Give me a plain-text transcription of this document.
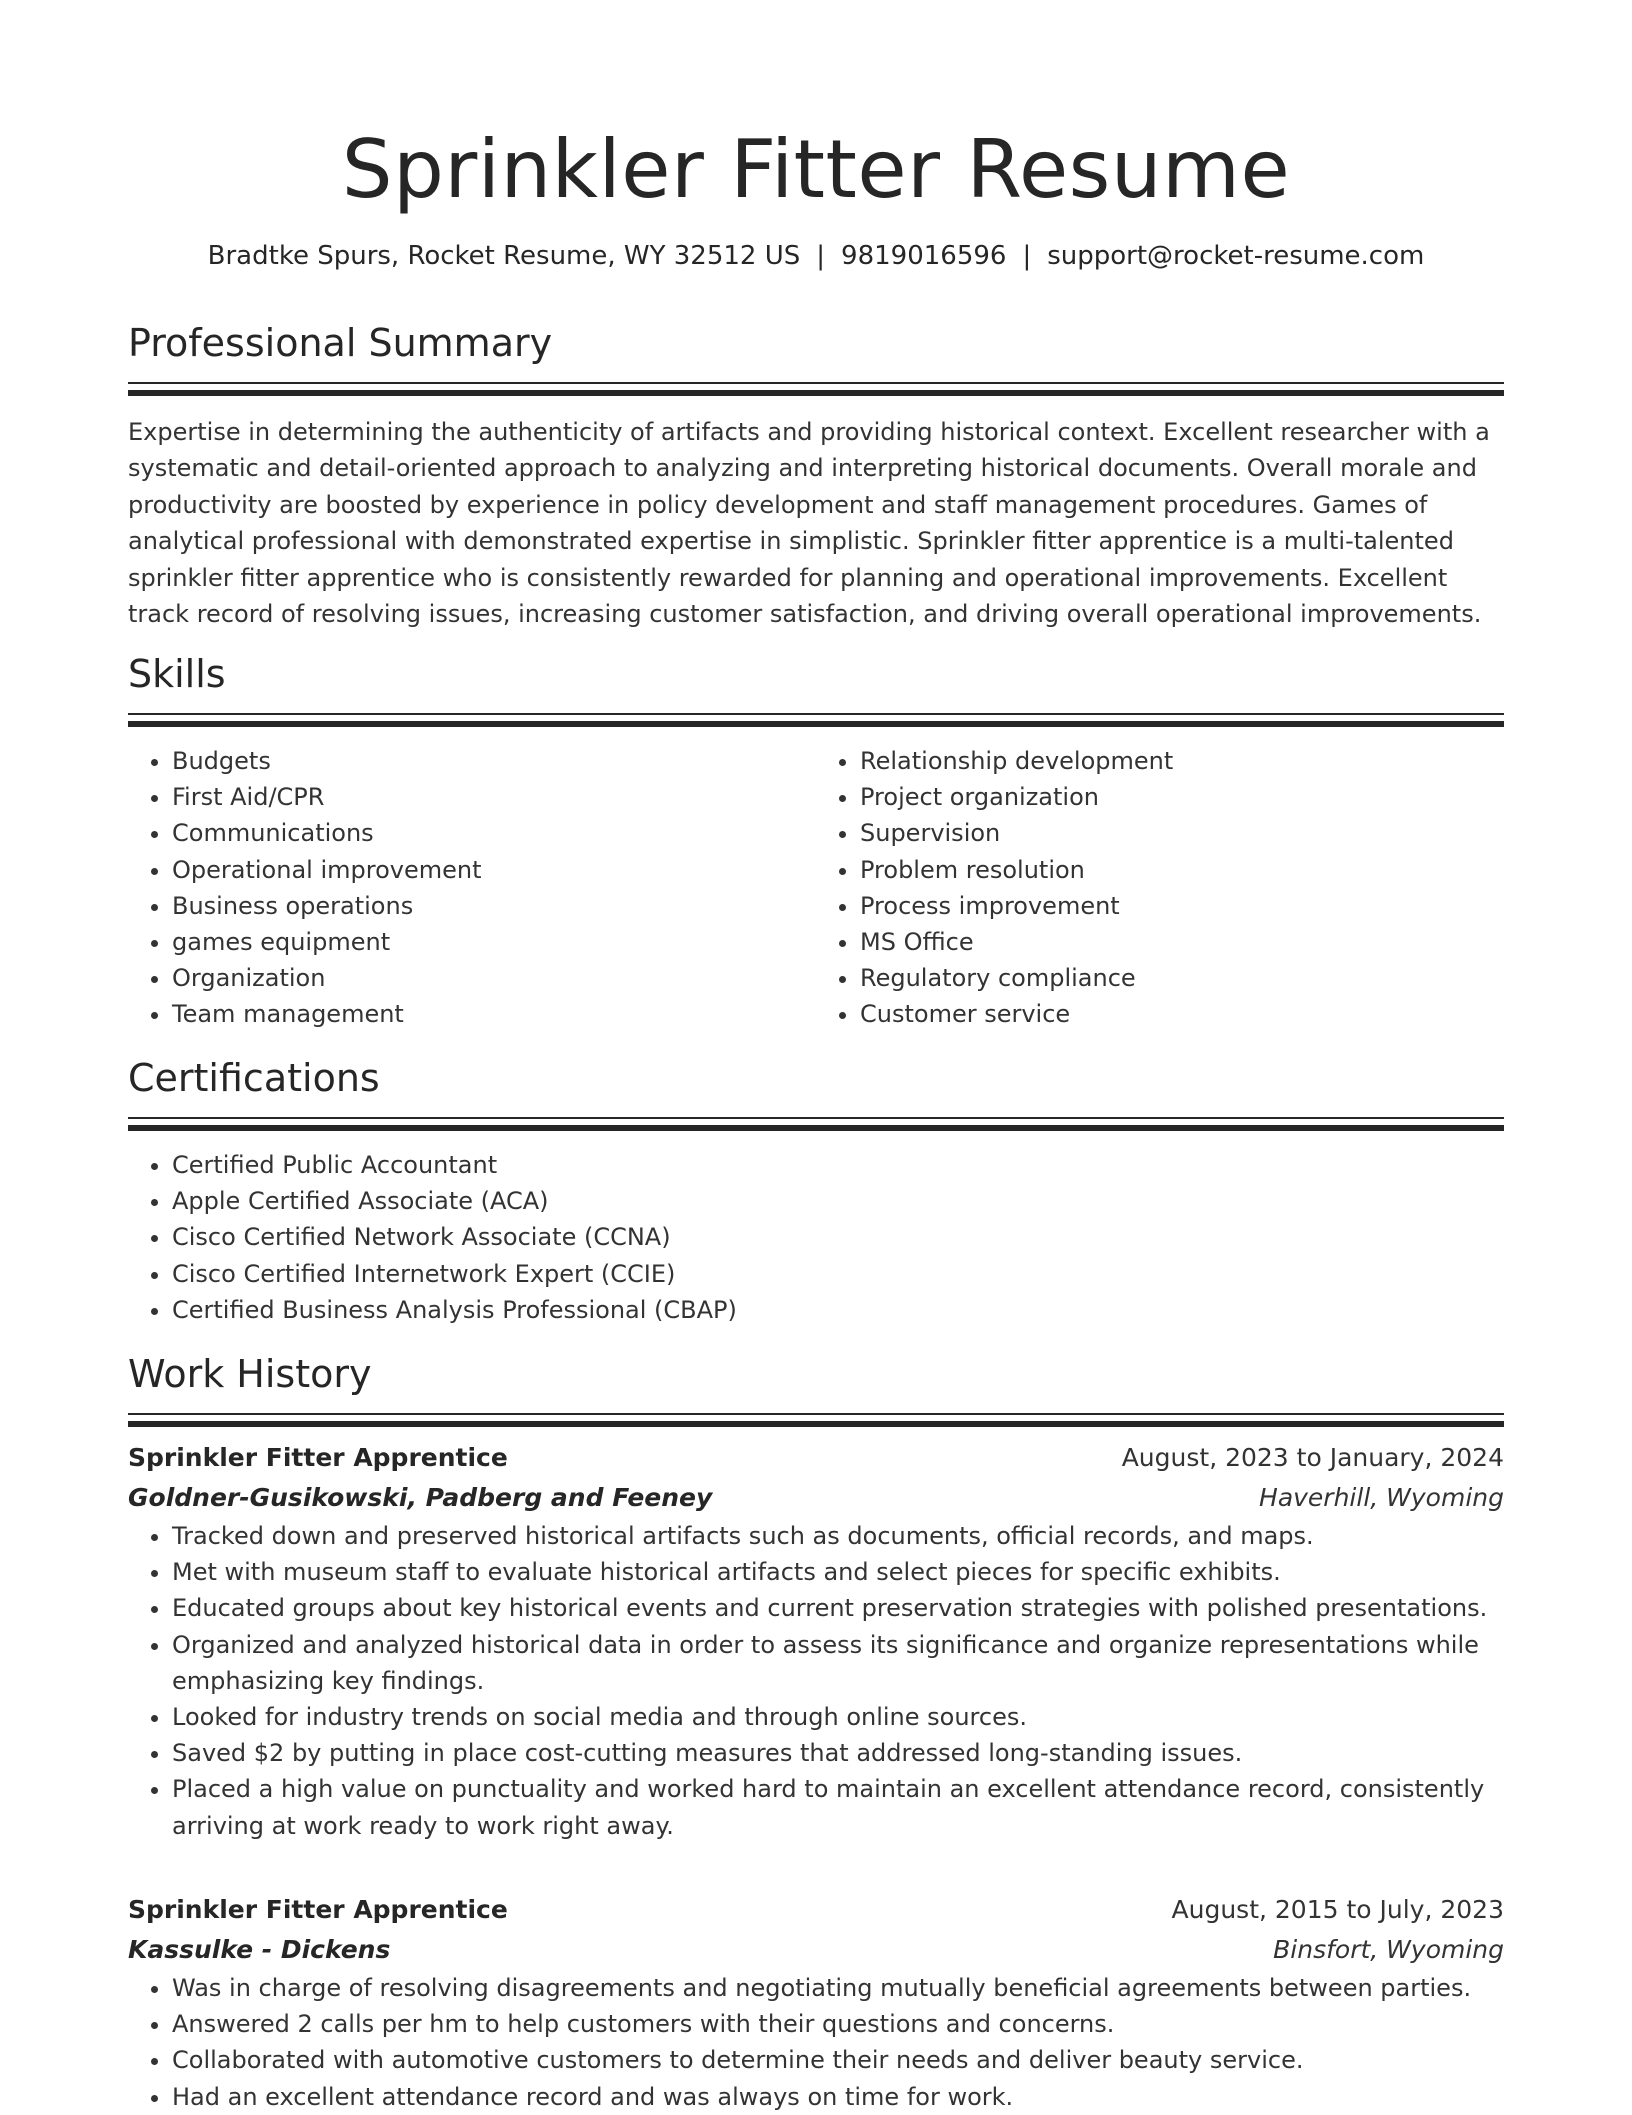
Sprinkler Fitter Resume
Bradtke Spurs, Rocket Resume, WY 32512 US | 9819016596 | support@rocket-resume.com
Professional Summary

Expertise in determining the authenticity of artifacts and providing historical context. Excellent researcher with a systematic and detail-oriented approach to analyzing and interpreting historical documents. Overall morale and productivity are boosted by experience in policy development and staff management procedures. Games of analytical professional with demonstrated expertise in simplistic. Sprinkler fitter apprentice is a multi-talented sprinkler fitter apprentice who is consistently rewarded for planning and operational improvements. Excellent track record of resolving issues, increasing customer satisfaction, and driving overall operational improvements.

Skills
• Budgets
• First Aid/CPR
• Communications
• Operational improvement
• Business operations
• games equipment
• Organization
• Team management
• Relationship development
• Project organization
• Supervision
• Problem resolution
• Process improvement
• MS Office
• Regulatory compliance
• Customer service
Certifications
• Certified Public Accountant
• Apple Certified Associate (ACA)
• Cisco Certified Network Associate (CCNA)
• Cisco Certified Internetwork Expert (CCIE)
• Certified Business Analysis Professional (CBAP)
Work History
Sprinkler Fitter Apprentice	August, 2023 to January, 2024
Goldner-Gusikowski, Padberg and Feeney	Haverhill, Wyoming
• Tracked down and preserved historical artifacts such as documents, official records, and maps.
• Met with museum staff to evaluate historical artifacts and select pieces for specific exhibits.
• Educated groups about key historical events and current preservation strategies with polished presentations.
• Organized and analyzed historical data in order to assess its significance and organize representations while emphasizing key findings.
• Looked for industry trends on social media and through online sources.
• Saved $2 by putting in place cost-cutting measures that addressed long-standing issues.
• Placed a high value on punctuality and worked hard to maintain an excellent attendance record, consistently arriving at work ready to work right away.
Sprinkler Fitter Apprentice	August, 2015 to July, 2023
Kassulke - Dickens	Binsfort, Wyoming
• Was in charge of resolving disagreements and negotiating mutually beneficial agreements between parties.
• Answered 2 calls per hm to help customers with their questions and concerns.
• Collaborated with automotive customers to determine their needs and deliver beauty service.
• Had an excellent attendance record and was always on time for work.
